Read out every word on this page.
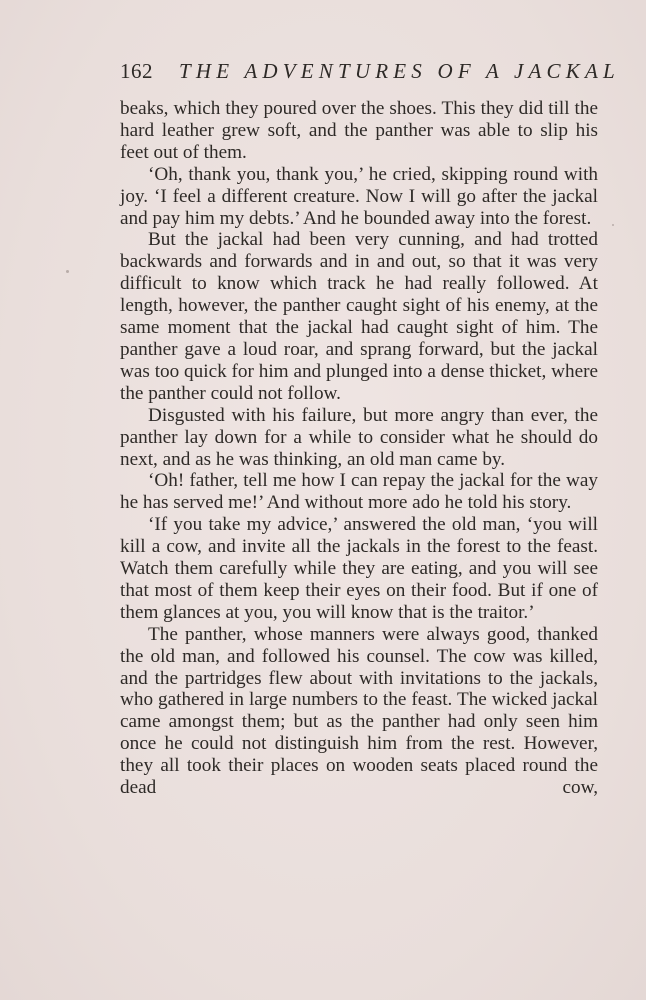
162 THE ADVENTURES OF A JACKAL

beaks, which they poured over the shoes. This they did till the hard leather grew soft, and the panther was able to slip his feet out of them.

‘Oh, thank you, thank you,’ he cried, skipping round with joy. ‘I feel a different creature. Now I will go after the jackal and pay him my debts.’ And he bounded away into the forest.

But the jackal had been very cunning, and had trotted backwards and forwards and in and out, so that it was very difficult to know which track he had really followed. At length, however, the panther caught sight of his enemy, at the same moment that the jackal had caught sight of him. The panther gave a loud roar, and sprang forward, but the jackal was too quick for him and plunged into a dense thicket, where the panther could not follow.

Disgusted with his failure, but more angry than ever, the panther lay down for a while to consider what he should do next, and as he was thinking, an old man came by.

‘Oh! father, tell me how I can repay the jackal for the way he has served me!’ And without more ado he told his story.

‘If you take my advice,’ answered the old man, ‘you will kill a cow, and invite all the jackals in the forest to the feast. Watch them carefully while they are eating, and you will see that most of them keep their eyes on their food. But if one of them glances at you, you will know that is the traitor.’

The panther, whose manners were always good, thanked the old man, and followed his counsel. The cow was killed, and the partridges flew about with invitations to the jackals, who gathered in large numbers to the feast. The wicked jackal came amongst them; but as the panther had only seen him once he could not distinguish him from the rest. However, they all took their places on wooden seats placed round the dead cow,
